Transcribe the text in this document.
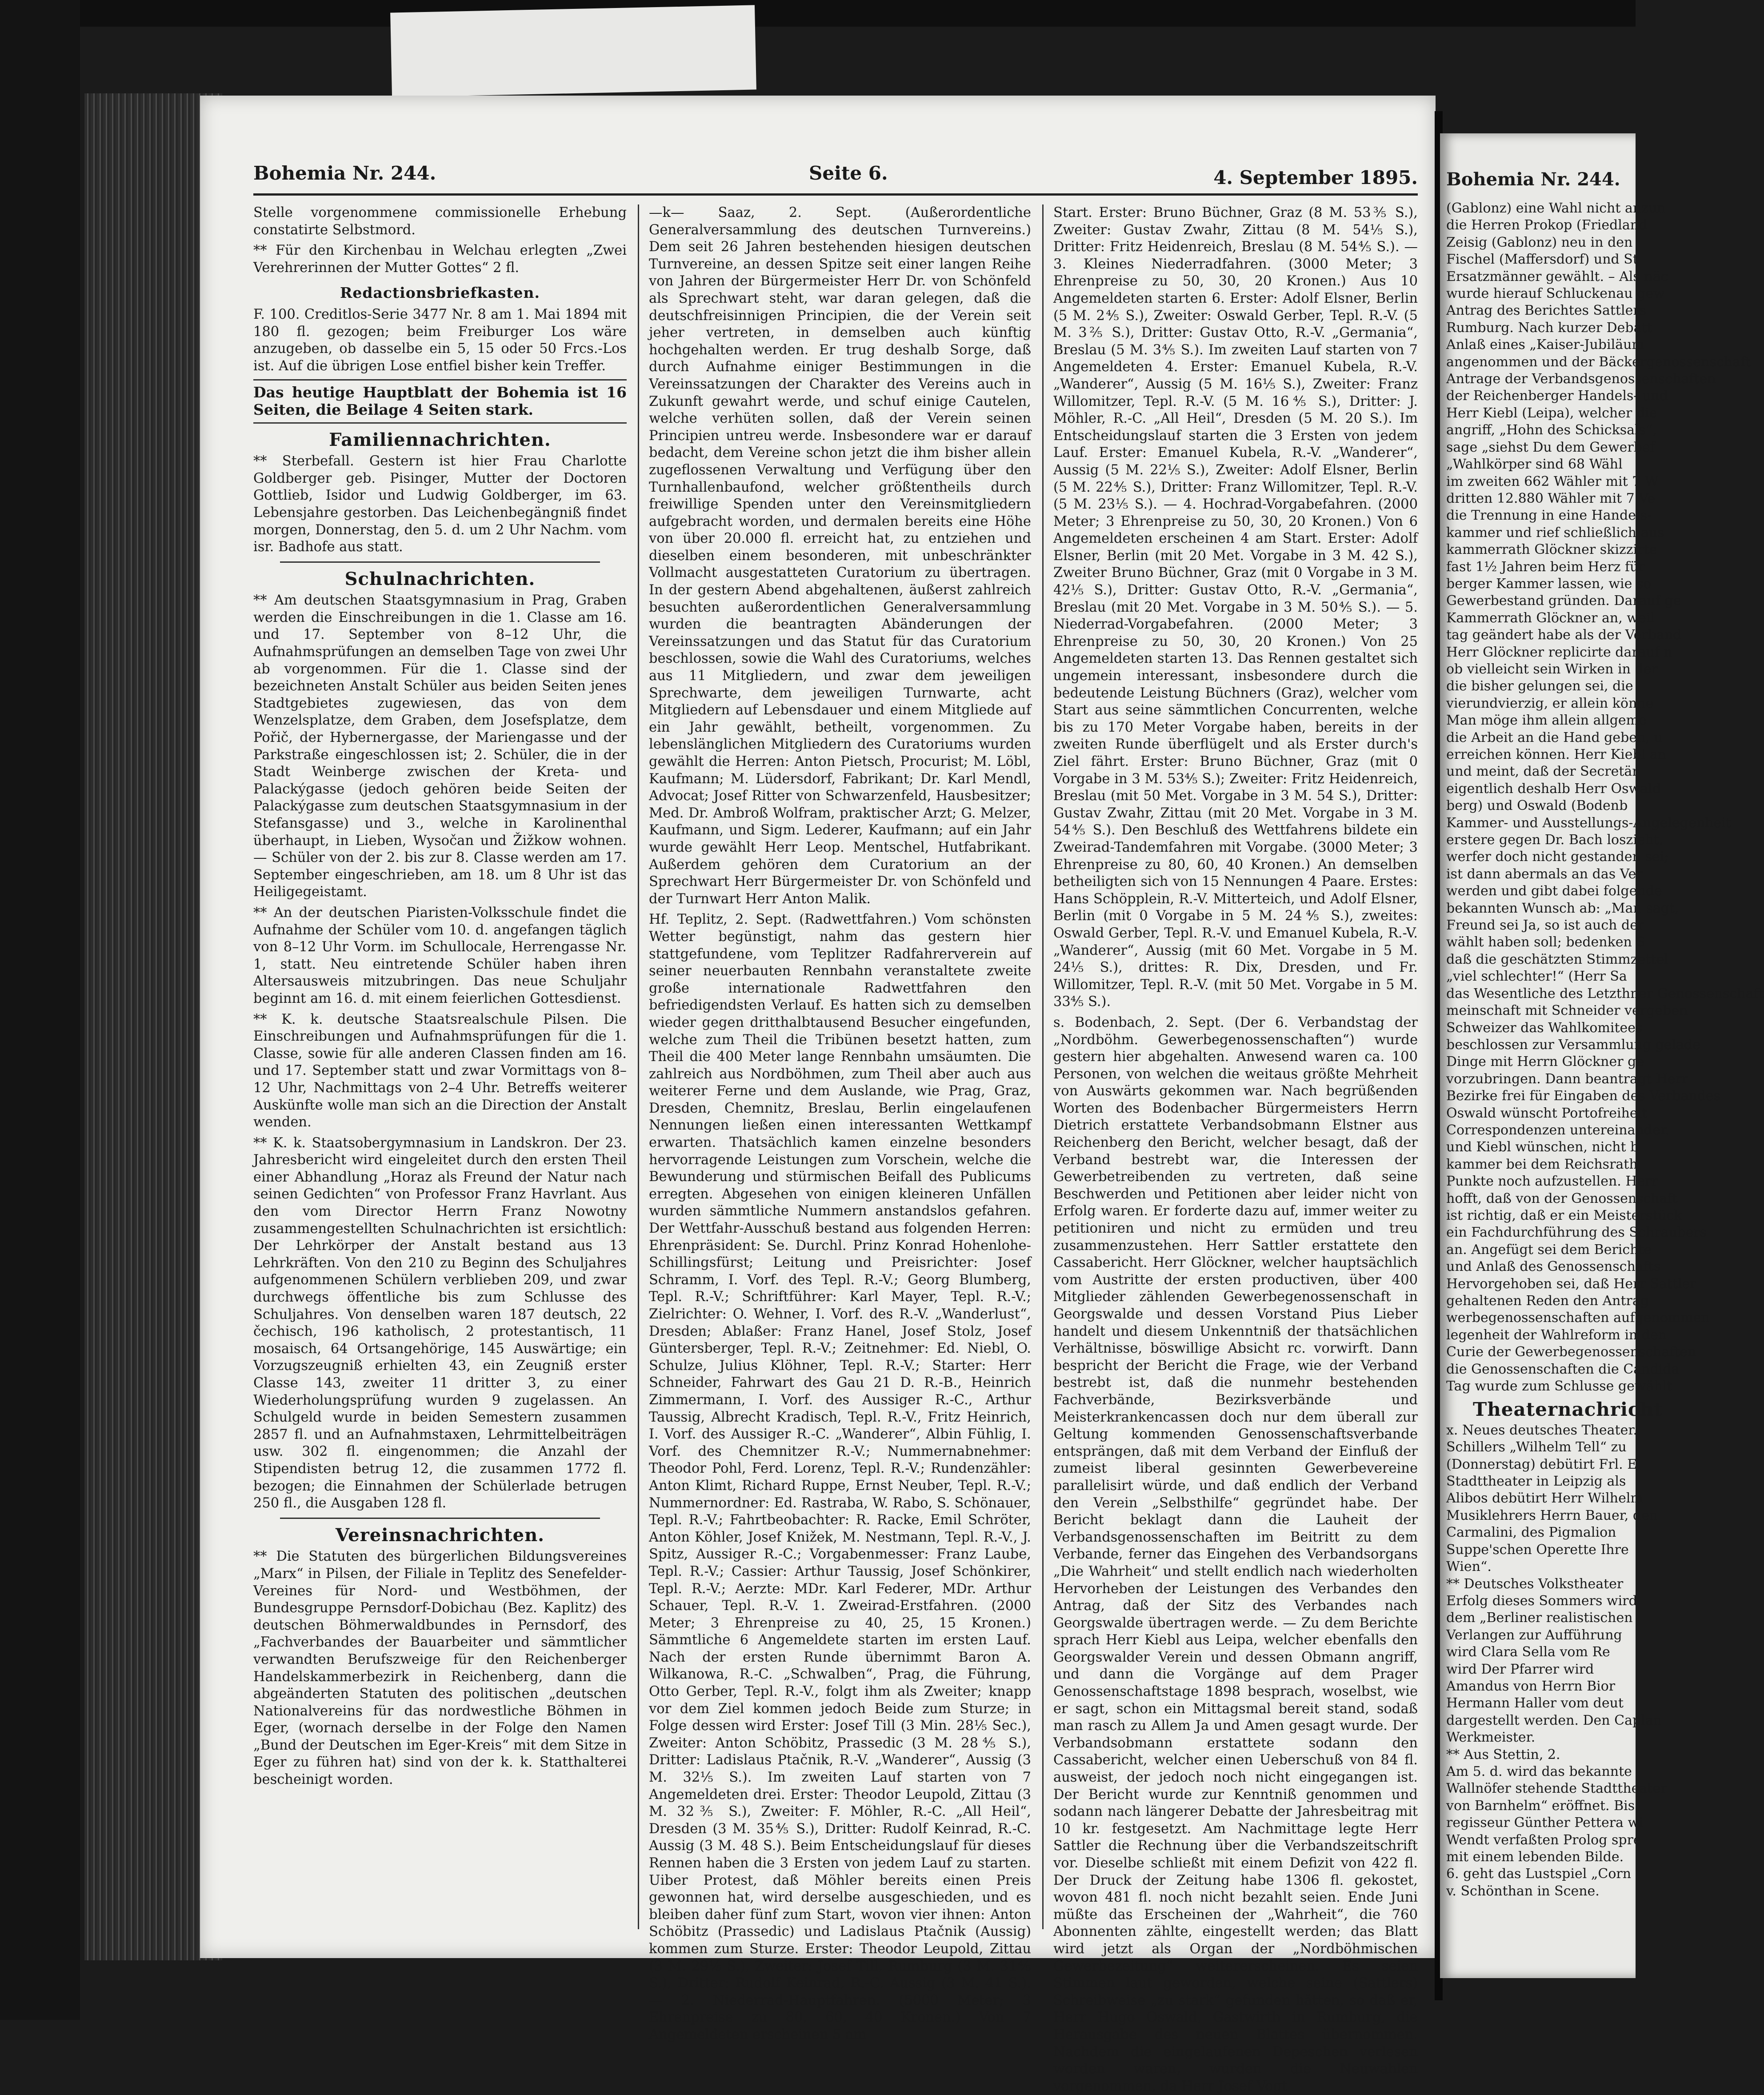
Bohemia Nr. 244.	Seite 6.	4. September 1895.

Stelle vorgenommene commissionelle Erhebung constatirte Selbstmord.

** Für den Kirchenbau in Welchau erlegten „Zwei Verehrerinnen der Mutter Gottes“ 2 fl.

Redactionsbriefkasten.

F. 100. Creditlos-Serie 3477 Nr. 8 am 1. Mai 1894 mit 180 fl. gezogen; beim Freiburger Los wäre anzugeben, ob dasselbe ein 5, 15 oder 50 Frcs.-Los ist. Auf die übrigen Lose entfiel bisher kein Treffer.

Das heutige Hauptblatt der Bohemia ist 16 Seiten, die Beilage 4 Seiten stark.
Familiennachrichten.

** Sterbefall. Gestern ist hier Frau Charlotte Goldberger geb. Pisinger, Mutter der Doctoren Gottlieb, Isidor und Ludwig Goldberger, im 63. Lebensjahre gestorben. Das Leichenbegängniß findet morgen, Donnerstag, den 5. d. um 2 Uhr Nachm. vom isr. Badhofe aus statt.

Schulnachrichten.

** Am deutschen Staatsgymnasium in Prag, Graben werden die Einschreibungen in die 1. Classe am 16. und 17. September von 8–12 Uhr, die Aufnahmsprüfungen an demselben Tage von zwei Uhr ab vorgenommen. Für die 1. Classe sind der bezeichneten Anstalt Schüler aus beiden Seiten jenes Stadtgebietes zugewiesen, das von dem Wenzelsplatze, dem Graben, dem Josefsplatze, dem Pořič, der Hybernergasse, der Mariengasse und der Parkstraße eingeschlossen ist; 2. Schüler, die in der Stadt Weinberge zwischen der Kreta- und Palackýgasse (jedoch gehören beide Seiten der Palackýgasse zum deutschen Staatsgymnasium in der Stefansgasse) und 3., welche in Karolinenthal überhaupt, in Lieben, Wysočan und Žižkow wohnen. — Schüler von der 2. bis zur 8. Classe werden am 17. September eingeschrieben, am 18. um 8 Uhr ist das Heiligegeistamt.

** An der deutschen Piaristen-Volksschule findet die Aufnahme der Schüler vom 10. d. angefangen täglich von 8–12 Uhr Vorm. im Schullocale, Herrengasse Nr. 1, statt. Neu eintretende Schüler haben ihren Altersausweis mitzubringen. Das neue Schuljahr beginnt am 16. d. mit einem feierlichen Gottesdienst.

** K. k. deutsche Staatsrealschule Pilsen. Die Einschreibungen und Aufnahmsprüfungen für die 1. Classe, sowie für alle anderen Classen finden am 16. und 17. September statt und zwar Vormittags von 8–12 Uhr, Nachmittags von 2–4 Uhr. Betreffs weiterer Auskünfte wolle man sich an die Direction der Anstalt wenden.

** K. k. Staatsobergymnasium in Landskron. Der 23. Jahresbericht wird eingeleitet durch den ersten Theil einer Abhandlung „Horaz als Freund der Natur nach seinen Gedichten“ von Professor Franz Havrlant. Aus den vom Director Herrn Franz Nowotny zusammengestellten Schulnachrichten ist ersichtlich: Der Lehrkörper der Anstalt bestand aus 13 Lehrkräften. Von den 210 zu Beginn des Schuljahres aufgenommenen Schülern verblieben 209, und zwar durchwegs öffentliche bis zum Schlusse des Schuljahres. Von denselben waren 187 deutsch, 22 čechisch, 196 katholisch, 2 protestantisch, 11 mosaisch, 64 Ortsangehörige, 145 Auswärtige; ein Vorzugszeugniß erhielten 43, ein Zeugniß erster Classe 143, zweiter 11 dritter 3, zu einer Wiederholungsprüfung wurden 9 zugelassen. An Schulgeld wurde in beiden Semestern zusammen 2857 fl. und an Aufnahmstaxen, Lehrmittelbeiträgen usw. 302 fl. eingenommen; die Anzahl der Stipendisten betrug 12, die zusammen 1772 fl. bezogen; die Einnahmen der Schülerlade betrugen 250 fl., die Ausgaben 128 fl.

Vereinsnachrichten.

** Die Statuten des bürgerlichen Bildungsvereines „Marx“ in Pilsen, der Filiale in Teplitz des Senefelder-Vereines für Nord- und Westböhmen, der Bundesgruppe Pernsdorf-Dobichau (Bez. Kaplitz) des deutschen Böhmerwaldbundes in Pernsdorf, des „Fachverbandes der Bauarbeiter und sämmtlicher verwandten Berufszweige für den Reichenberger Handelskammerbezirk in Reichenberg, dann die abgeänderten Statuten des politischen „deutschen Nationalvereins für das nordwestliche Böhmen in Eger, (wornach derselbe in der Folge den Namen „Bund der Deutschen im Eger-Kreis“ mit dem Sitze in Eger zu führen hat) sind von der k. k. Statthalterei bescheinigt worden.

—k— Saaz, 2. Sept. (Außerordentliche Generalversammlung des deutschen Turnvereins.) Dem seit 26 Jahren bestehenden hiesigen deutschen Turnvereine, an dessen Spitze seit einer langen Reihe von Jahren der Bürgermeister Herr Dr. von Schönfeld als Sprechwart steht, war daran gelegen, daß die deutschfreisinnigen Principien, die der Verein seit jeher vertreten, in demselben auch künftig hochgehalten werden. Er trug deshalb Sorge, daß durch Aufnahme einiger Bestimmungen in die Vereinssatzungen der Charakter des Vereins auch in Zukunft gewahrt werde, und schuf einige Cautelen, welche verhüten sollen, daß der Verein seinen Principien untreu werde. Insbesondere war er darauf bedacht, dem Vereine schon jetzt die ihm bisher allein zugeflossenen Verwaltung und Verfügung über den Turnhallenbaufond, welcher größtentheils durch freiwillige Spenden unter den Vereinsmitgliedern aufgebracht worden, und dermalen bereits eine Höhe von über 20.000 fl. erreicht hat, zu entziehen und dieselben einem besonderen, mit unbeschränkter Vollmacht ausgestatteten Curatorium zu übertragen. In der gestern Abend abgehaltenen, äußerst zahlreich besuchten außerordentlichen Generalversammlung wurden die beantragten Abänderungen der Vereinssatzungen und das Statut für das Curatorium beschlossen, sowie die Wahl des Curatoriums, welches aus 11 Mitgliedern, und zwar dem jeweiligen Sprechwarte, dem jeweiligen Turnwarte, acht Mitgliedern auf Lebensdauer und einem Mitgliede auf ein Jahr gewählt, betheilt, vorgenommen. Zu lebenslänglichen Mitgliedern des Curatoriums wurden gewählt die Herren: Anton Pietsch, Procurist; M. Löbl, Kaufmann; M. Lüdersdorf, Fabrikant; Dr. Karl Mendl, Advocat; Josef Ritter von Schwarzenfeld, Hausbesitzer; Med. Dr. Ambroß Wolfram, praktischer Arzt; G. Melzer, Kaufmann, und Sigm. Lederer, Kaufmann; auf ein Jahr wurde gewählt Herr Leop. Mentschel, Hutfabrikant. Außerdem gehören dem Curatorium an der Sprechwart Herr Bürgermeister Dr. von Schönfeld und der Turnwart Herr Anton Malik.

Hf. Teplitz, 2. Sept. (Radwettfahren.) Vom schönsten Wetter begünstigt, nahm das gestern hier stattgefundene, vom Teplitzer Radfahrerverein auf seiner neuerbauten Rennbahn veranstaltete zweite große internationale Radwettfahren den befriedigendsten Verlauf. Es hatten sich zu demselben wieder gegen dritthalbtausend Besucher eingefunden, welche zum Theil die Tribünen besetzt hatten, zum Theil die 400 Meter lange Rennbahn umsäumten. Die zahlreich aus Nordböhmen, zum Theil aber auch aus weiterer Ferne und dem Auslande, wie Prag, Graz, Dresden, Chemnitz, Breslau, Berlin eingelaufenen Nennungen ließen einen interessanten Wettkampf erwarten. Thatsächlich kamen einzelne besonders hervorragende Leistungen zum Vorschein, welche die Bewunderung und stürmischen Beifall des Publicums erregten. Abgesehen von einigen kleineren Unfällen wurden sämmtliche Nummern anstandslos gefahren. Der Wettfahr-Ausschuß bestand aus folgenden Herren: Ehrenpräsident: Se. Durchl. Prinz Konrad Hohenlohe-Schillingsfürst; Leitung und Preisrichter: Josef Schramm, I. Vorf. des Tepl. R.-V.; Georg Blumberg, Tepl. R.-V.; Schriftführer: Karl Mayer, Tepl. R.-V.; Zielrichter: O. Wehner, I. Vorf. des R.-V. „Wanderlust“, Dresden; Ablaßer: Franz Hanel, Josef Stolz, Josef Güntersberger, Tepl. R.-V.; Zeitnehmer: Ed. Niebl, O. Schulze, Julius Klöhner, Tepl. R.-V.; Starter: Herr Schneider, Fahrwart des Gau 21 D. R.-B., Heinrich Zimmermann, I. Vorf. des Aussiger R.-C., Arthur Taussig, Albrecht Kradisch, Tepl. R.-V., Fritz Heinrich, I. Vorf. des Aussiger R.-C. „Wanderer“, Albin Fühlig, I. Vorf. des Chemnitzer R.-V.; Nummernabnehmer: Theodor Pohl, Ferd. Lorenz, Tepl. R.-V.; Rundenzähler: Anton Klimt, Richard Ruppe, Ernst Neuber, Tepl. R.-V.; Nummernordner: Ed. Rastraba, W. Rabo, S. Schönauer, Tepl. R.-V.; Fahrtbeobachter: R. Racke, Emil Schröter, Anton Köhler, Josef Knižek, M. Nestmann, Tepl. R.-V., J. Spitz, Aussiger R.-C.; Vorgabenmesser: Franz Laube, Tepl. R.-V.; Cassier: Arthur Taussig, Josef Schönkirer, Tepl. R.-V.; Aerzte: MDr. Karl Federer, MDr. Arthur Schauer, Tepl. R.-V. 1. Zweirad-Erstfahren. (2000 Meter; 3 Ehrenpreise zu 40, 25, 15 Kronen.) Sämmtliche 6 Angemeldete starten im ersten Lauf. Nach der ersten Runde übernimmt Baron A. Wilkanowa, R.-C. „Schwalben“, Prag, die Führung, Otto Gerber, Tepl. R.-V., folgt ihm als Zweiter; knapp vor dem Ziel kommen jedoch Beide zum Sturze; in Folge dessen wird Erster: Josef Till (3 Min. 28⅕ Sec.), Zweiter: Anton Schöbitz, Prassedic (3 M. 28⅘ S.), Dritter: Ladislaus Ptačnik, R.-V. „Wanderer“, Aussig (3 M. 32⅕ S.). Im zweiten Lauf starten von 7 Angemeldeten drei. Erster: Theodor Leupold, Zittau (3 M. 32⅗ S.), Zweiter: F. Möhler, R.-C. „All Heil“, Dresden (3 M. 35⅘ S.), Dritter: Rudolf Keinrad, R.-C. Aussig (3 M. 48 S.). Beim Entscheidungslauf für dieses Rennen haben die 3 Ersten von jedem Lauf zu starten. Uiber Protest, daß Möhler bereits einen Preis gewonnen hat, wird derselbe ausgeschieden, und es bleiben daher fünf zum Start, wovon vier ihnen: Anton Schöbitz (Prassedic) und Ladislaus Ptačnik (Aussig) kommen zum Sturze. Erster: Theodor Leupold, Zittau (3 M. 29⅕ S.), Zweiter: Josef Till, Rumburg (3 M. 31⅘ S.), Dritter: Rudolf Keinrad, R.-C. Aussig (3 M. 41 S.). — 2. Niederrad-Hauptfahren. (5000 Meter; 3 Ehrenpreise zu 80, 60, 40 Kronen.) Von 7 Angemeldeten erscheinen 5 am

Start. Erster: Bruno Büchner, Graz (8 M. 53⅗ S.), Zweiter: Gustav Zwahr, Zittau (8 M. 54⅕ S.), Dritter: Fritz Heidenreich, Breslau (8 M. 54⅘ S.). — 3. Kleines Niederradfahren. (3000 Meter; 3 Ehrenpreise zu 50, 30, 20 Kronen.) Aus 10 Angemeldeten starten 6. Erster: Adolf Elsner, Berlin (5 M. 2⅘ S.), Zweiter: Oswald Gerber, Tepl. R.-V. (5 M. 3⅖ S.), Dritter: Gustav Otto, R.-V. „Germania“, Breslau (5 M. 3⅘ S.). Im zweiten Lauf starten von 7 Angemeldeten 4. Erster: Emanuel Kubela, R.-V. „Wanderer“, Aussig (5 M. 16⅕ S.), Zweiter: Franz Willomitzer, Tepl. R.-V. (5 M. 16⅘ S.), Dritter: J. Möhler, R.-C. „All Heil“, Dresden (5 M. 20 S.). Im Entscheidungslauf starten die 3 Ersten von jedem Lauf. Erster: Emanuel Kubela, R.-V. „Wanderer“, Aussig (5 M. 22⅕ S.), Zweiter: Adolf Elsner, Berlin (5 M. 22⅘ S.), Dritter: Franz Willomitzer, Tepl. R.-V. (5 M. 23⅕ S.). — 4. Hochrad-Vorgabefahren. (2000 Meter; 3 Ehrenpreise zu 50, 30, 20 Kronen.) Von 6 Angemeldeten erscheinen 4 am Start. Erster: Adolf Elsner, Berlin (mit 20 Met. Vorgabe in 3 M. 42 S.), Zweiter Bruno Büchner, Graz (mit 0 Vorgabe in 3 M. 42⅕ S.), Dritter: Gustav Otto, R.-V. „Germania“, Breslau (mit 20 Met. Vorgabe in 3 M. 50⅘ S.). — 5. Niederrad-Vorgabefahren. (2000 Meter; 3 Ehrenpreise zu 50, 30, 20 Kronen.) Von 25 Angemeldeten starten 13. Das Rennen gestaltet sich ungemein interessant, insbesondere durch die bedeutende Leistung Büchners (Graz), welcher vom Start aus seine sämmtlichen Concurrenten, welche bis zu 170 Meter Vorgabe haben, bereits in der zweiten Runde überflügelt und als Erster durch's Ziel fährt. Erster: Bruno Büchner, Graz (mit 0 Vorgabe in 3 M. 53⅘ S.); Zweiter: Fritz Heidenreich, Breslau (mit 50 Met. Vorgabe in 3 M. 54 S.), Dritter: Gustav Zwahr, Zittau (mit 20 Met. Vorgabe in 3 M. 54⅘ S.). Den Beschluß des Wettfahrens bildete ein Zweirad-Tandemfahren mit Vorgabe. (3000 Meter; 3 Ehrenpreise zu 80, 60, 40 Kronen.) An demselben betheiligten sich von 15 Nennungen 4 Paare. Erstes: Hans Schöpplein, R.-V. Mitterteich, und Adolf Elsner, Berlin (mit 0 Vorgabe in 5 M. 24⅘ S.), zweites: Oswald Gerber, Tepl. R.-V. und Emanuel Kubela, R.-V. „Wanderer“, Aussig (mit 60 Met. Vorgabe in 5 M. 24⅕ S.), drittes: R. Dix, Dresden, und Fr. Willomitzer, Tepl. R.-V. (mit 50 Met. Vorgabe in 5 M. 33⅘ S.).

s. Bodenbach, 2. Sept. (Der 6. Verbandstag der „Nordböhm. Gewerbegenossenschaften“) wurde gestern hier abgehalten. Anwesend waren ca. 100 Personen, von welchen die weitaus größte Mehrheit von Auswärts gekommen war. Nach begrüßenden Worten des Bodenbacher Bürgermeisters Herrn Dietrich erstattete Verbandsobmann Elstner aus Reichenberg den Bericht, welcher besagt, daß der Verband bestrebt war, die Interessen der Gewerbetreibenden zu vertreten, daß seine Beschwerden und Petitionen aber leider nicht von Erfolg waren. Er forderte dazu auf, immer weiter zu petitioniren und nicht zu ermüden und treu zusammenzustehen. Herr Sattler erstattete den Cassabericht. Herr Glöckner, welcher hauptsächlich vom Austritte der ersten productiven, über 400 Mitglieder zählenden Gewerbegenossenschaft in Georgswalde und dessen Vorstand Pius Lieber handelt und diesem Unkenntniß der thatsächlichen Verhältnisse, böswillige Absicht rc. vorwirft. Dann bespricht der Bericht die Frage, wie der Verband bestrebt ist, daß die nunmehr bestehenden Fachverbände, Bezirksverbände und Meisterkrankencassen doch nur dem überall zur Geltung kommenden Genossenschaftsverbande entsprängen, daß mit dem Verband der Einfluß der zumeist liberal gesinnten Gewerbevereine parallelisirt würde, und daß endlich der Verband den Verein „Selbsthilfe“ gegründet habe. Der Bericht beklagt dann die Lauheit der Verbandsgenossenschaften im Beitritt zu dem Verbande, ferner das Eingehen des Verbandsorgans „Die Wahrheit“ und stellt endlich nach wiederholten Hervorheben der Leistungen des Verbandes den Antrag, daß der Sitz des Verbandes nach Georgswalde übertragen werde. — Zu dem Berichte sprach Herr Kiebl aus Leipa, welcher ebenfalls den Georgswalder Verein und dessen Obmann angriff, und dann die Vorgänge auf dem Prager Genossenschaftstage 1898 besprach, woselbst, wie er sagt, schon ein Mittagsmal bereit stand, sodaß man rasch zu Allem Ja und Amen gesagt wurde. Der Verbandsobmann erstattete sodann den Cassabericht, welcher einen Ueberschuß von 84 fl. ausweist, der jedoch noch nicht eingegangen ist. Der Bericht wurde zur Kenntniß genommen und sodann nach längerer Debatte der Jahresbeitrag mit 10 kr. festgesetzt. Am Nachmittage legte Herr Sattler die Rechnung über die Verbandszeitschrift vor. Dieselbe schließt mit einem Defizit von 422 fl. Der Druck der Zeitung habe 1306 fl. gekostet, wovon 481 fl. noch nicht bezahlt seien. Ende Juni müßte das Erscheinen der „Wahrheit“, die 760 Abonnenten zählte, eingestellt werden; das Blatt wird jetzt als Organ der „Nordböhmischen Gewerbezeitung“ weitererscheinen. Es seien Stimmen laut geworden, welche seine (Sattlers) Schreibweise „zu stark“ gefunden hätten, so daß er, Herr Hugo Oswald, Gastwirth in Rumburg, die Herausgabe des neuen Blattes übernommen. Nachdem die eingelaufenen Depeschen verlesen worden waren, wurden die Neuwahlen vorgenommen, da Herr Josef Vogt

Bohemia Nr. 244.
(Gablonz) eine Wahl nicht anzun
die Herren Prokop (Friedland
Zeisig (Gablonz) neu in den
Fischel (Maffersdorf) und St
Ersatzmänner gewählt. – Als näc
wurde hierauf Schluckenau gew
Antrag des Berichtes Sattlers
Rumburg. Nach kurzer Debatt
Anlaß eines „Kaiser-Jubiläum
angenommen und der Bäckergenossenschaft
Antrage der Verbandsgenossenschaften
der Reichenberger Handels- und
Herr Kiebl (Leipa), welcher die
angriff, „Hohn des Schicksals“,
sage „siehst Du dem Gewerbef
„Wahlkörper sind 68 Wähl
im zweiten 662 Wähler mit 7 W
dritten 12.880 Wähler mit 7 Ve
die Trennung in eine Handels-
kammer und rief schließlich aus
kammerrath Glöckner skizzirte
fast 1½ Jahren beim Herz für
berger Kammer lassen, wie so
Gewerbestand gründen. Darauf ge
Kammerrath Glöckner an, weil
tag geändert habe als der Verband
Herr Glöckner replicirte darauf n
ob vielleicht sein Wirken in der
die bisher gelungen sei, die
vierundvierzig, er allein könne
Man möge ihm allein allgeme
die Arbeit an die Hand geben, u
erreichen können. Herr Kiebl an
und meint, daß der Secretär
eigentlich deshalb Herr Oswald
berg) und Oswald (Bodenb
Kammer- und Ausstellungs-Angelegenheit
erstere gegen Dr. Bach loszieht.
werfer doch nicht gestanden sei;
ist dann abermals an das Ver
werden und gibt dabei folgende
bekannten Wunsch ab: „Man sagt,
Freund sei Ja, so ist auch der
wählt haben soll; bedenken S
daß die geschätzten Stimmzettel
„viel schlechter!“ (Herr Sa
das Wesentliche des Letzthner Genossenschaft
meinschaft mit Schneider vergeben
Schweizer das Wahlkomitees
beschlossen zur Versammlung gelade
Dinge mit Herrn Glöckner ge
vorzubringen. Dann beantragt Herr
Bezirke frei für Eingaben des Verbandes
Oswald wünscht Portofreiheit
Correspondenzen untereinander.
und Kiebl wünschen, nicht b
kammer bei dem Reichsrath
Punkte noch aufzustellen. Herr
hofft, daß von der Genossenschaft
ist richtig, daß er ein Meisterstück
ein Fachdurchführung des Schraubers
an. Angefügt sei dem Berichte
und Anlaß des Genossenschafts
Hervorgehoben sei, daß Herr Sattler
gehaltenen Reden den Antrag
werbegenossenschaften aufgenommen
legenheit der Wahlreform in den
Curie der Gewerbegenossenschaften
die Genossenschaften die Candida
Tag wurde zum Schlusse gewählt
Theaternachricht
x. Neues deutsches Theater.
Schillers „Wilhelm Tell“ zu
(Donnerstag) debütirt Frl. E
Stadttheater in Leipzig als
Alibos debütirt Herr Wilhelm
Musiklehrers Herrn Bauer, den
Carmalini, des Pigmalion
Suppe'schen Operette Ihre
Wien“.
** Deutsches Volkstheater
Erfolg dieses Sommers wird
dem „Berliner realistischen
Verlangen zur Aufführung
wird Clara Sella vom Re
wird Der Pfarrer wird
Amandus von Herrn Bior
Hermann Haller vom deut
dargestellt werden. Den Caplan
Werkmeister.
** Aus Stettin, 2.
Am 5. d. wird das bekannte
Wallnöfer stehende Stadttheater
von Barnhelm“ eröffnet. Bis
regisseur Günther Pettera wi
Wendt verfaßten Prolog spre
mit einem lebenden Bilde.
6. geht das Lustspiel „Corn
v. Schönthan in Scene.
